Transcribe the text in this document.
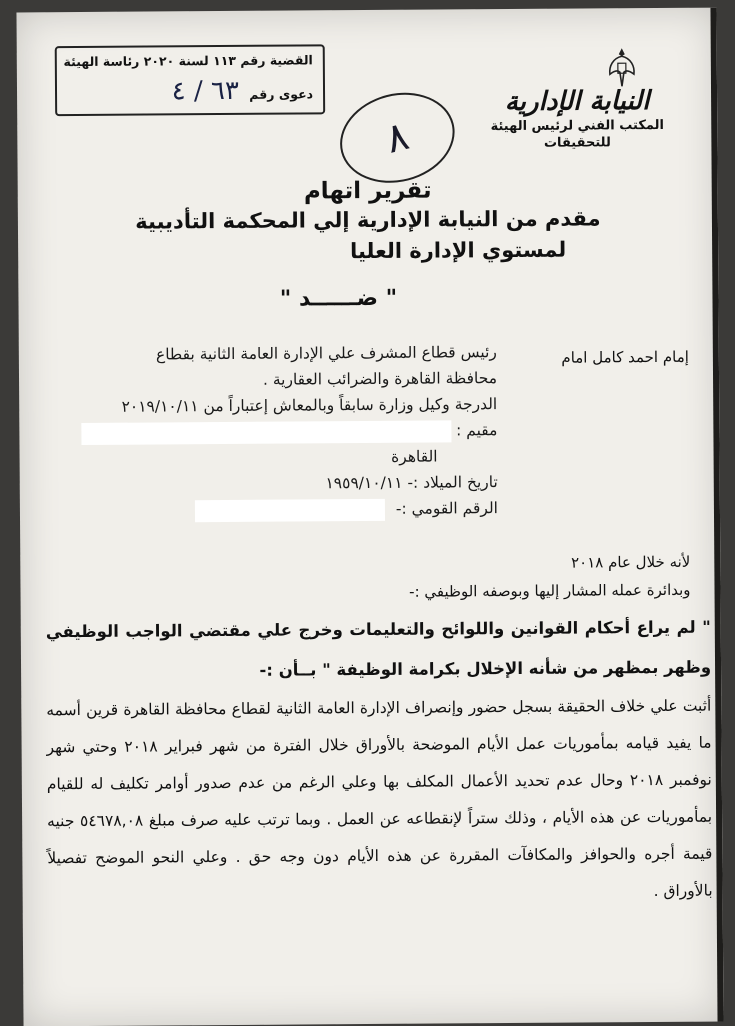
القضية رقم ١١٣ لسنة ٢٠٢٠ رئاسة الهيئة
دعوى رقم ٦٣ / ٤
٨
النيابة الإدارية
المكتب الفني لرئيس الهيئة
للتحقيقات
تقرير اتهام
مقدم من النيابة الإدارية إلي المحكمة التأديبية
لمستوي الإدارة العليا
" ضــــــد "
إمام احمد كامل امام
رئيس قطاع المشرف علي الإدارة العامة الثانية بقطاع
محافظة القاهرة والضرائب العقارية .
الدرجة وكيل وزارة سابقاً وبالمعاش إعتباراً من ٢٠١٩/١٠/١١
مقيم :
القاهرة
تاريخ الميلاد :- ١٩٥٩/١٠/١١
الرقم القومي :-
لأنه خلال عام ٢٠١٨
وبدائرة عمله المشار إليها وبوصفه الوظيفي :-
" لم يراع أحكام القوانين واللوائح والتعليمات وخرج علي مقتضي الواجب الوظيفي وظهر بمظهر من شأنه الإخلال بكرامة الوظيفة " بــأن :-
أثبت علي خلاف الحقيقة بسجل حضور وإنصراف الإدارة العامة الثانية لقطاع محافظة القاهرة قرين أسمه ما يفيد قيامه بمأموريات عمل الأيام الموضحة بالأوراق خلال الفترة من شهر فبراير ٢٠١٨ وحتي شهر نوفمبر ٢٠١٨ وحال عدم تحديد الأعمال المكلف بها وعلي الرغم من عدم صدور أوامر تكليف له للقيام بمأموريات عن هذه الأيام ، وذلك ستراً لإنقطاعه عن العمل . وبما ترتب عليه صرف مبلغ ٥٤٦٧٨,٠٨ جنيه قيمة أجره والحوافز والمكافآت المقررة عن هذه الأيام دون وجه حق . وعلي النحو الموضح تفصيلاً بالأوراق .
